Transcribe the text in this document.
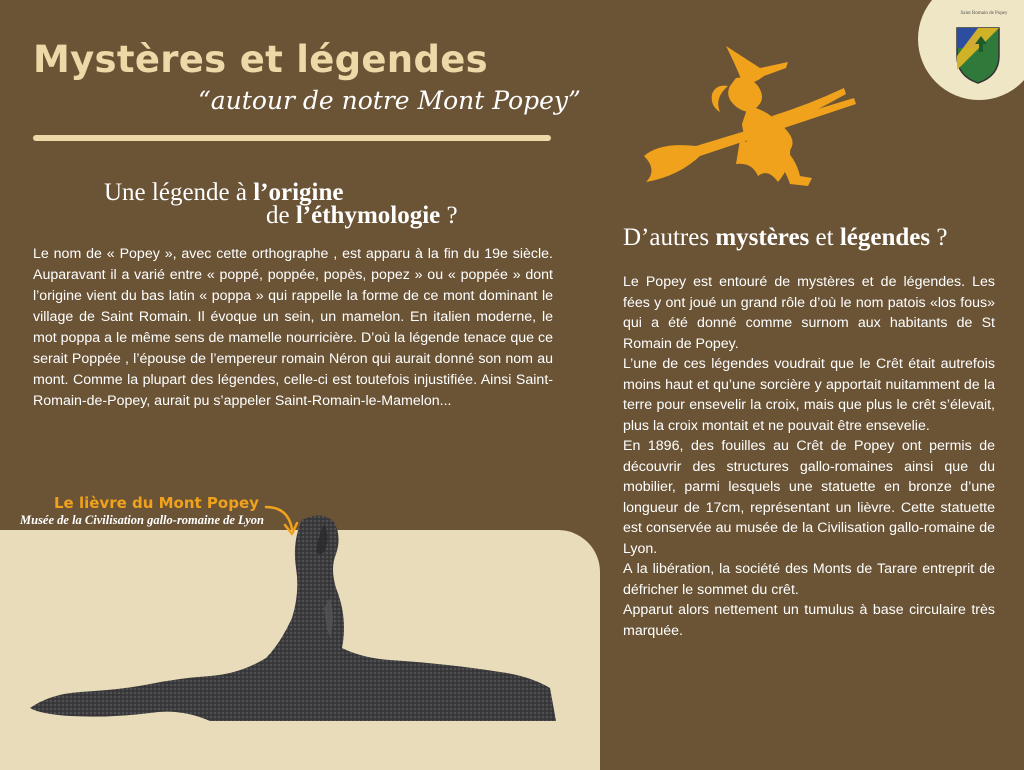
Saint Romain de Popey
Mystères et légendes
“autour de notre Mont Popey”
Une légende à l’origine
de l’éthymologie ?

Le nom de « Popey », avec cette orthographe , est apparu à la fin du 19e siècle. Auparavant il a varié entre « poppé, poppée, popès, popez » ou « poppée » dont l’origine vient du bas latin « poppa » qui rappelle la forme de ce mont dominant le village de Saint Romain. Il évoque un sein, un mamelon. En italien moderne, le mot poppa a le même sens de mamelle nourricière. D’où la légende tenace que ce serait Poppée , l’épouse de l’empereur romain Néron qui aurait donné son nom au mont. Comme la plupart des légendes, celle-ci est toutefois injustifiée. Ainsi Saint-Romain-de-Popey, aurait pu s’appeler Saint-Romain-le-Mamelon...

D’autres mystères et légendes ?

Le Popey est entouré de mystères et de légendes. Les fées y ont joué un grand rôle d’où le nom patois «los fous» qui a été donné comme surnom aux habitants de St Romain de Popey.

L’une de ces légendes voudrait que le Crêt était autrefois moins haut et qu’une sorcière y apportait nuitamment de la terre pour ensevelir la croix, mais que plus le crêt s’élevait, plus la croix montait et ne pouvait être ensevelie.

En 1896, des fouilles au Crêt de Popey ont permis de découvrir des structures gallo-romaines ainsi que du mobilier, parmi lesquels une statuette en bronze d’une longueur de 17cm, représentant un lièvre. Cette statuette est conservée au musée de la Civilisation gallo-romaine de Lyon.

A la libération, la société des Monts de Tarare entreprit de défricher le sommet du crêt.

Apparut alors nettement un tumulus à base circulaire très marquée.

Le lièvre du Mont Popey
Musée de la Civilisation gallo-romaine de Lyon
